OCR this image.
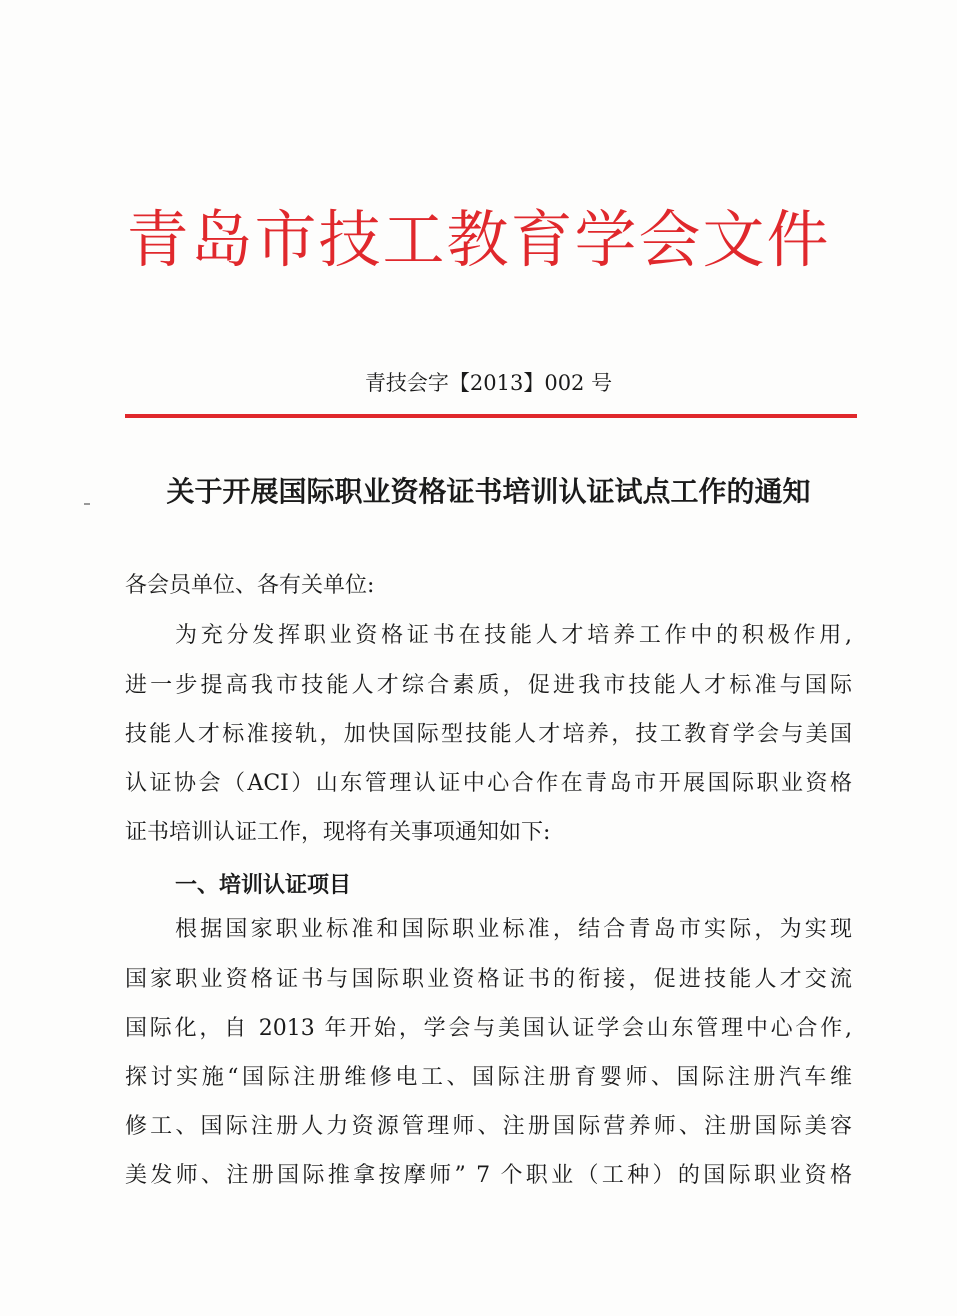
青岛市技工教育学会文件
青技会字【2013】002 号
关于开展国际职业资格证书培训认证试点工作的通知
各会员单位、各有关单位:
为充分发挥职业资格证书在技能人才培养工作中的积极作用,
进一步提高我市技能人才综合素质，促进我市技能人才标准与国际
技能人才标准接轨，加快国际型技能人才培养，技工教育学会与美国
认证协会（ACI）山东管理认证中心合作在青岛市开展国际职业资格
证书培训认证工作，现将有关事项通知如下:
一、培训认证项目
根据国家职业标准和国际职业标准，结合青岛市实际，为实现
国家职业资格证书与国际职业资格证书的衔接，促进技能人才交流
国际化，自 2013 年开始，学会与美国认证学会山东管理中心合作,
探讨实施“国际注册维修电工、国际注册育婴师、国际注册汽车维
修工、国际注册人力资源管理师、注册国际营养师、注册国际美容
美发师、注册国际推拿按摩师” 7 个职业（工种）的国际职业资格
